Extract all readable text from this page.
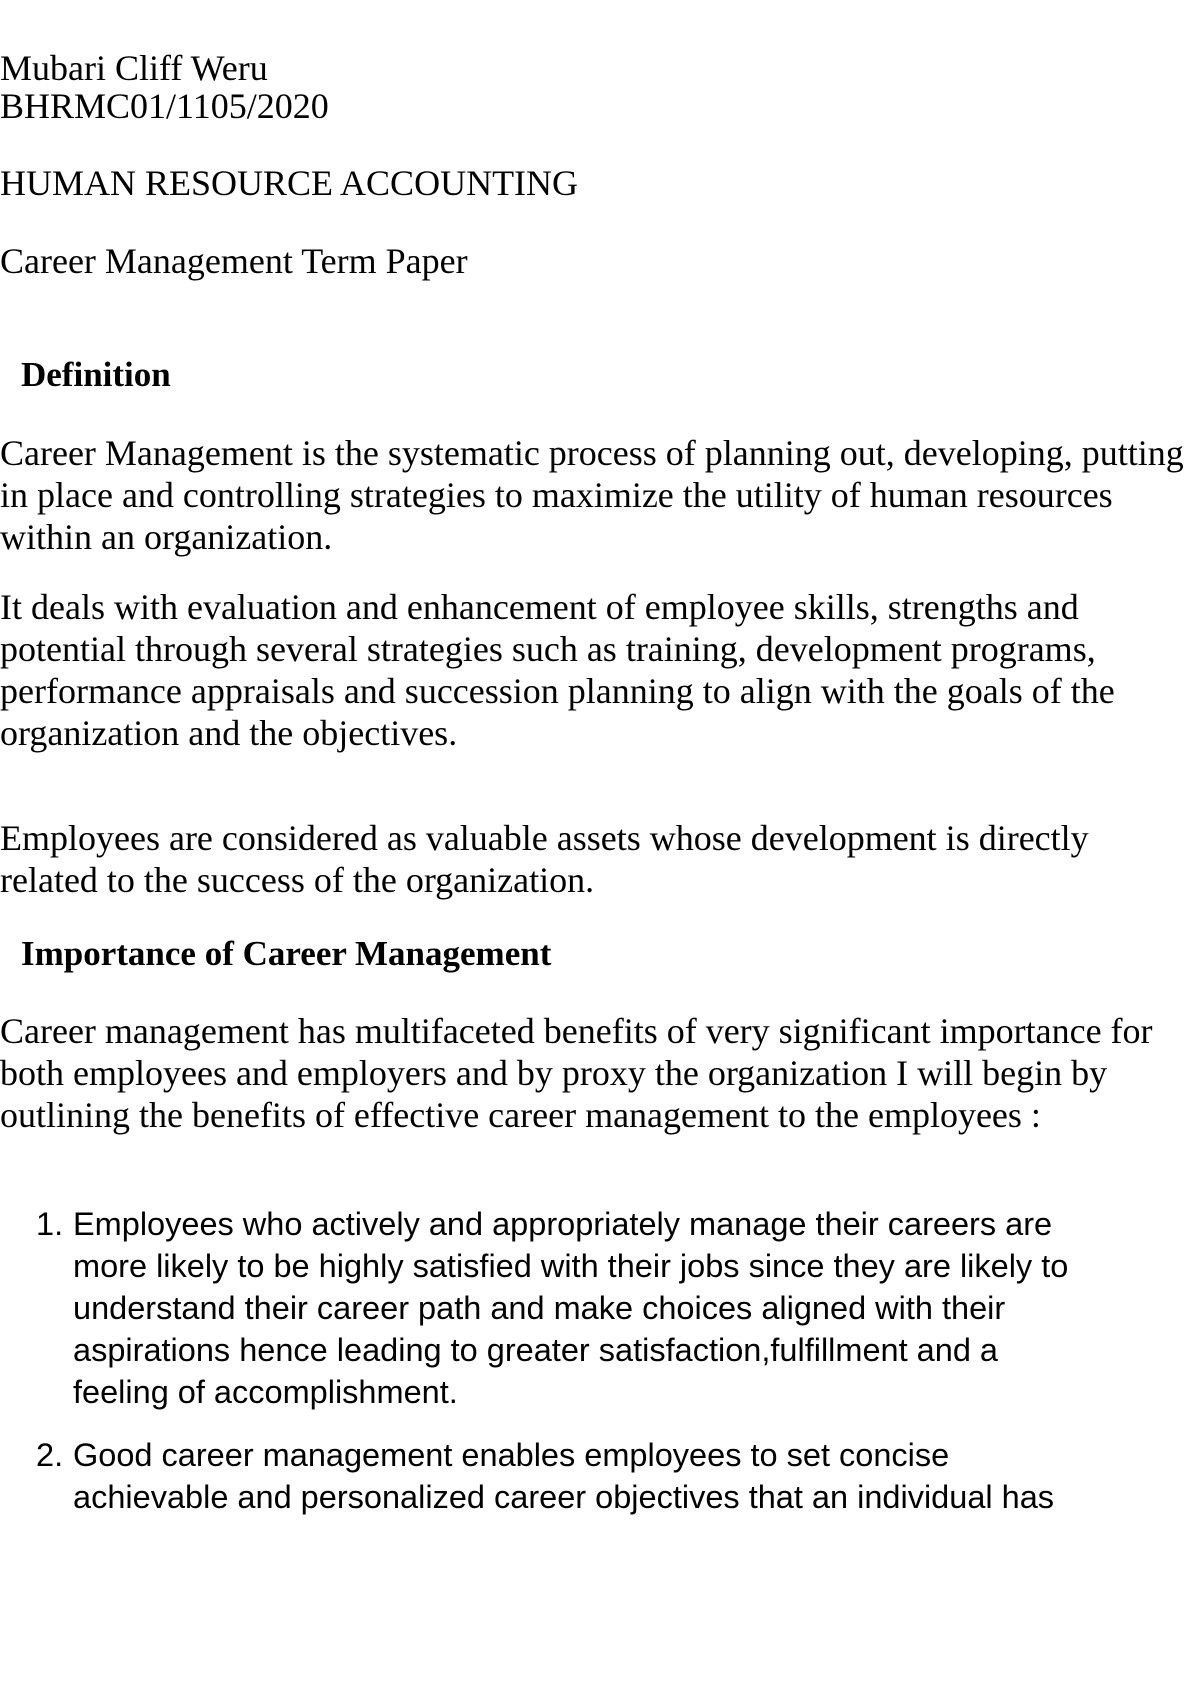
Mubari Cliff Weru
BHRMC01/1105/2020
HUMAN RESOURCE ACCOUNTING
Career Management Term Paper
Definition
Career Management is the systematic process of planning out, developing, putting
in place and controlling strategies to maximize the utility of human resources
within an organization.
It deals with evaluation and enhancement of employee skills, strengths and
potential through several strategies such as training, development programs,
performance appraisals and succession planning to align with the goals of the
organization and the objectives.
Employees are considered as valuable assets whose development is directly
related to the success of the organization.
Importance of Career Management
Career management has multifaceted benefits of very significant importance for
both employees and employers and by proxy the organization I will begin by
outlining the benefits of effective career management to the employees :
1. Employees who actively and appropriately manage their careers are
more likely to be highly satisfied with their jobs since they are likely to
understand their career path and make choices aligned with their
aspirations hence leading to greater satisfaction,fulfillment and a
feeling of accomplishment.
2. Good career management enables employees to set concise
achievable and personalized career objectives that an individual has
